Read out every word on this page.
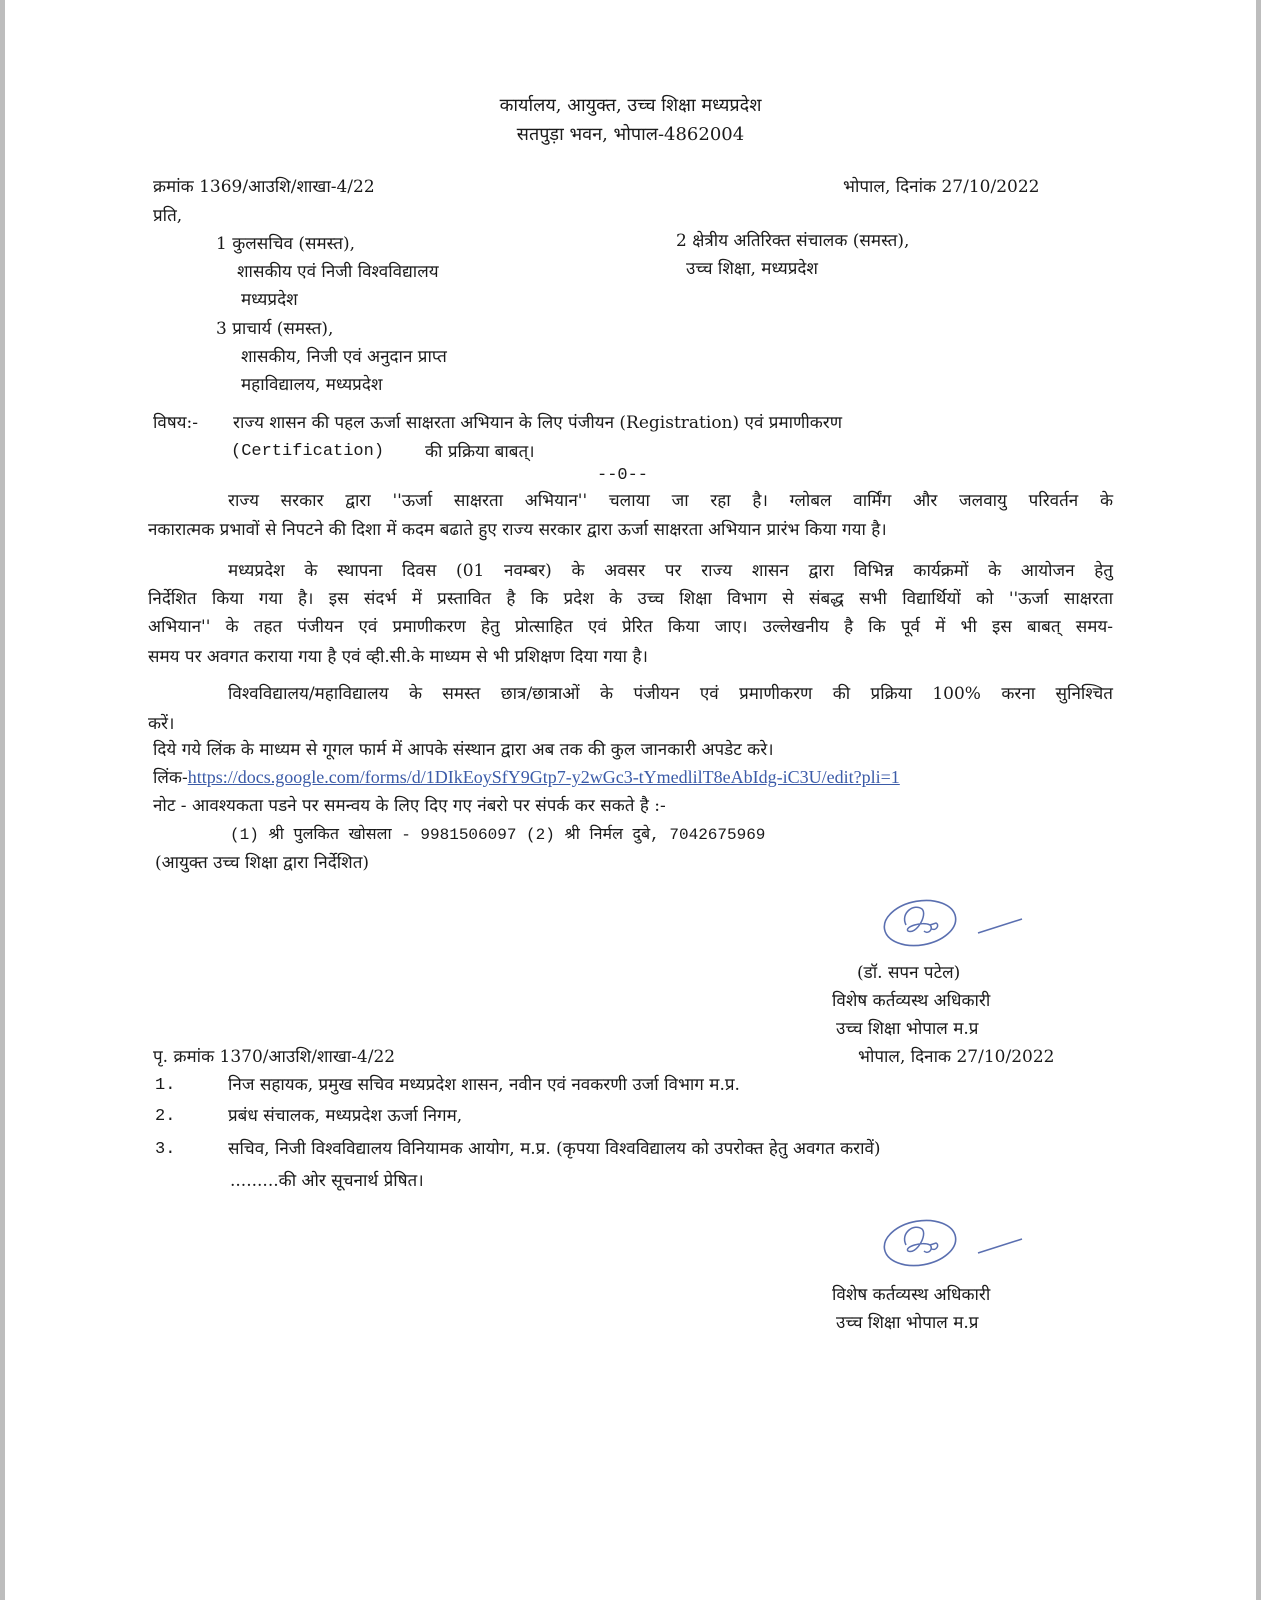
कार्यालय, आयुक्त, उच्च शिक्षा मध्यप्रदेश
सतपुड़ा भवन, भोपाल-4862004
क्रमांक 1369/आउशि/शाखा-4/22	भोपाल, दिनांक 27/10/2022
प्रति,
1 कुलसचिव (समस्त),
शासकीय एवं निजी विश्वविद्यालय
मध्यप्रदेश
3 प्राचार्य (समस्त),
शासकीय, निजी एवं अनुदान प्राप्त
महाविद्यालय, मध्यप्रदेश
2 क्षेत्रीय अतिरिक्त संचालक (समस्त),
उच्च शिक्षा, मध्यप्रदेश
विषय:- राज्य शासन की पहल ऊर्जा साक्षरता अभियान के लिए पंजीयन (Registration) एवं प्रमाणीकरण
(Certification) की प्रक्रिया बाबत्।
--0--
राज्य सरकार द्वारा ''ऊर्जा साक्षरता अभियान'' चलाया जा रहा है। ग्लोबल वार्मिंग और जलवायु परिवर्तन के
नकारात्मक प्रभावों से निपटने की दिशा में कदम बढाते हुए राज्य सरकार द्वारा ऊर्जा साक्षरता अभियान प्रारंभ किया गया है।
मध्यप्रदेश के स्थापना दिवस (01 नवम्बर) के अवसर पर राज्य शासन द्वारा विभिन्न कार्यक्रमों के आयोजन हेतु
निर्देशित किया गया है। इस संदर्भ में प्रस्तावित है कि प्रदेश के उच्च शिक्षा विभाग से संबद्ध सभी विद्यार्थियों को ''ऊर्जा साक्षरता
अभियान'' के तहत पंजीयन एवं प्रमाणीकरण हेतु प्रोत्साहित एवं प्रेरित किया जाए। उल्लेखनीय है कि पूर्व में भी इस बाबत् समय-
समय पर अवगत कराया गया है एवं व्ही.सी.के माध्यम से भी प्रशिक्षण दिया गया है।
विश्वविद्यालय/महाविद्यालय के समस्त छात्र/छात्राओं के पंजीयन एवं प्रमाणीकरण की प्रक्रिया 100% करना सुनिश्चित
करें।
दिये गये लिंक के माध्यम से गूगल फार्म में आपके संस्थान द्वारा अब तक की कुल जानकारी अपडेट करे।
लिंक-https://docs.google.com/forms/d/1DIkEoySfY9Gtp7-y2wGc3-tYmedlilT8eAbIdg-iC3U/edit?pli=1
नोट - आवश्यकता पडने पर समन्वय के लिए दिए गए नंबरो पर संपर्क कर सकते है :-
(1) श्री पुलकित खोसला - 9981506097 (2) श्री निर्मल दुबे, 7042675969
(आयुक्त उच्च शिक्षा द्वारा निर्देशित)
(डॉ. सपन पटेल)
विशेष कर्तव्यस्थ अधिकारी
उच्च शिक्षा भोपाल म.प्र
पृ. क्रमांक 1370/आउशि/शाखा-4/22	भोपाल, दिनाक 27/10/2022
1.	निज सहायक, प्रमुख सचिव मध्यप्रदेश शासन, नवीन एवं नवकरणी उर्जा विभाग म.प्र.
2.	प्रबंध संचालक, मध्यप्रदेश ऊर्जा निगम,
3.	सचिव, निजी विश्वविद्यालय विनियामक आयोग, म.प्र. (कृपया विश्वविद्यालय को उपरोक्त हेतु अवगत करावें)
.........की ओर सूचनार्थ प्रेषित।
विशेष कर्तव्यस्थ अधिकारी
उच्च शिक्षा भोपाल म.प्र
